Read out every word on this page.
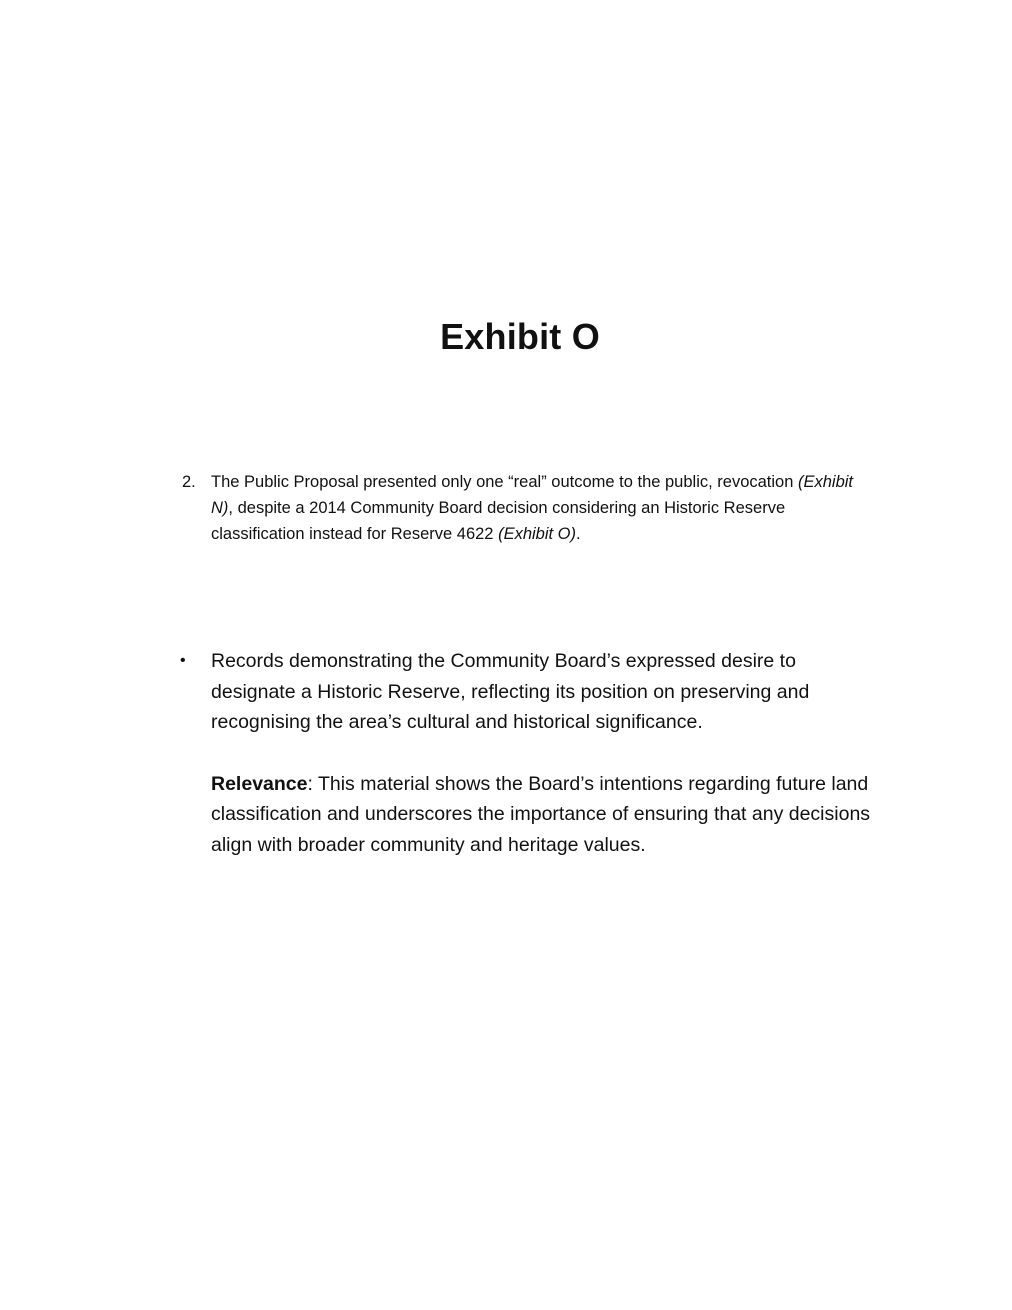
Exhibit O
2. The Public Proposal presented only one “real” outcome to the public, revocation (Exhibit N), despite a 2014 Community Board decision considering an Historic Reserve classification instead for Reserve 4622 (Exhibit O).
• Records demonstrating the Community Board’s expressed desire to designate a Historic Reserve, reflecting its position on preserving and recognising the area’s cultural and historical significance.

Relevance: This material shows the Board’s intentions regarding future land classification and underscores the importance of ensuring that any decisions align with broader community and heritage values.
